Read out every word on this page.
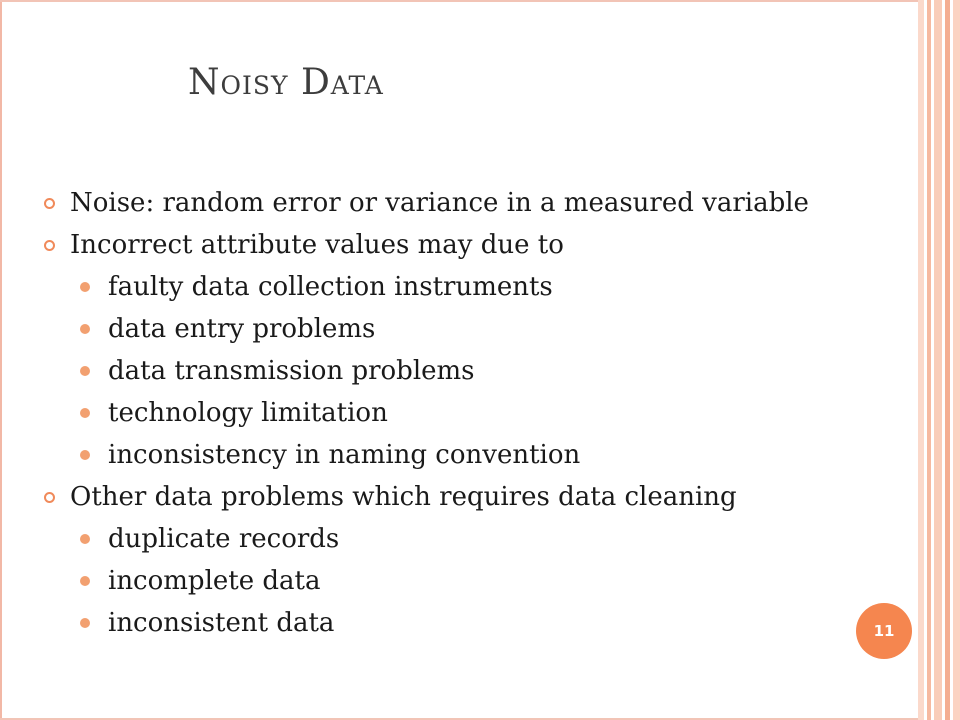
Noisy Data
Noise: random error or variance in a measured variable
Incorrect attribute values may due to
faulty data collection instruments
data entry problems
data transmission problems
technology limitation
inconsistency in naming convention
Other data problems which requires data cleaning
duplicate records
incomplete data
inconsistent data	11
